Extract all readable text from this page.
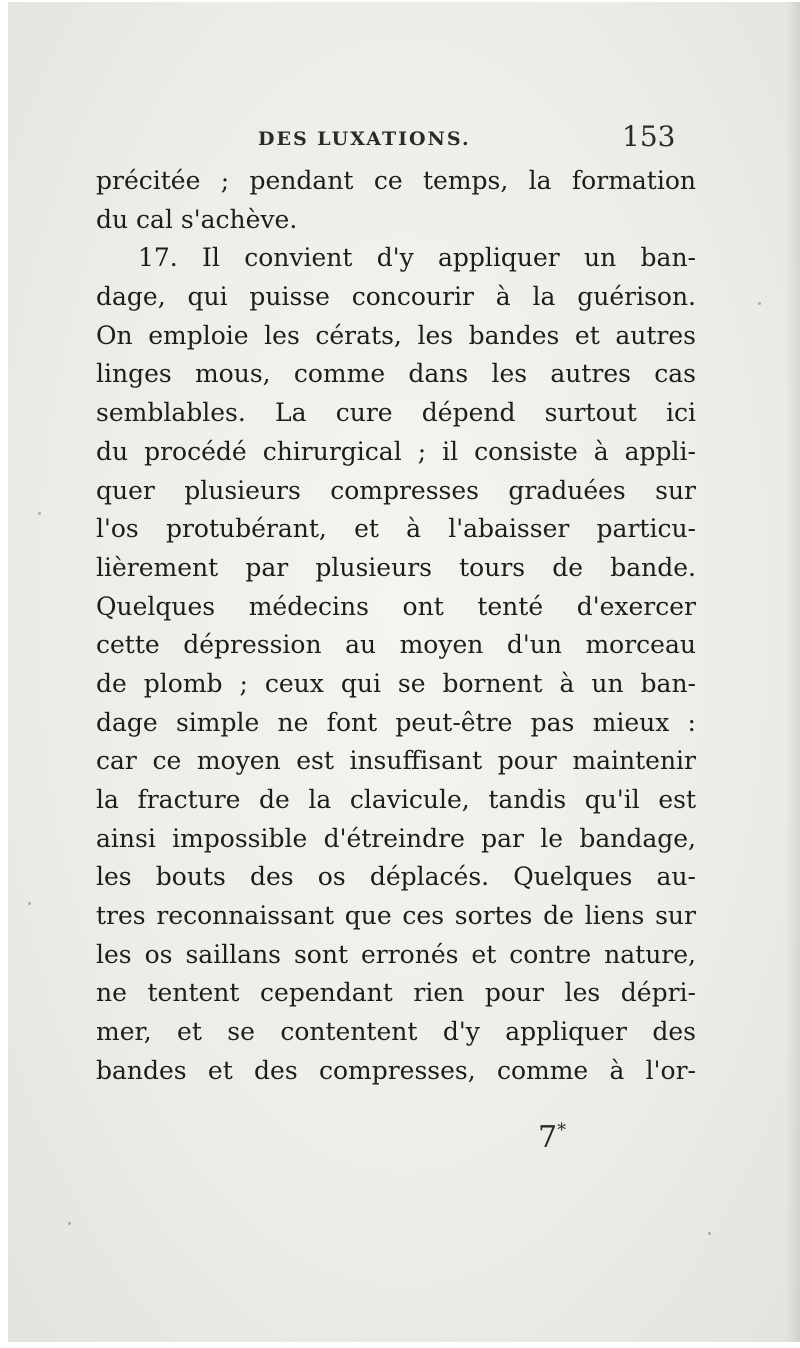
DES LUXATIONS.	153
précitée ; pendant ce temps, la formation
du cal s'achève.
17. Il convient d'y appliquer un ban-
dage, qui puisse concourir à la guérison.
On emploie les cérats, les bandes et autres
linges mous, comme dans les autres cas
semblables. La cure dépend surtout ici
du procédé chirurgical ; il consiste à appli-
quer plusieurs compresses graduées sur
l'os protubérant, et à l'abaisser particu-
lièrement par plusieurs tours de bande.
Quelques médecins ont tenté d'exercer
cette dépression au moyen d'un morceau
de plomb ; ceux qui se bornent à un ban-
dage simple ne font peut-être pas mieux :
car ce moyen est insuffisant pour maintenir
la fracture de la clavicule, tandis qu'il est
ainsi impossible d'étreindre par le bandage,
les bouts des os déplacés. Quelques au-
tres reconnaissant que ces sortes de liens sur
les os saillans sont erronés et contre nature,
ne tentent cependant rien pour les dépri-
mer, et se contentent d'y appliquer des
bandes et des compresses, comme à l'or-
7*
